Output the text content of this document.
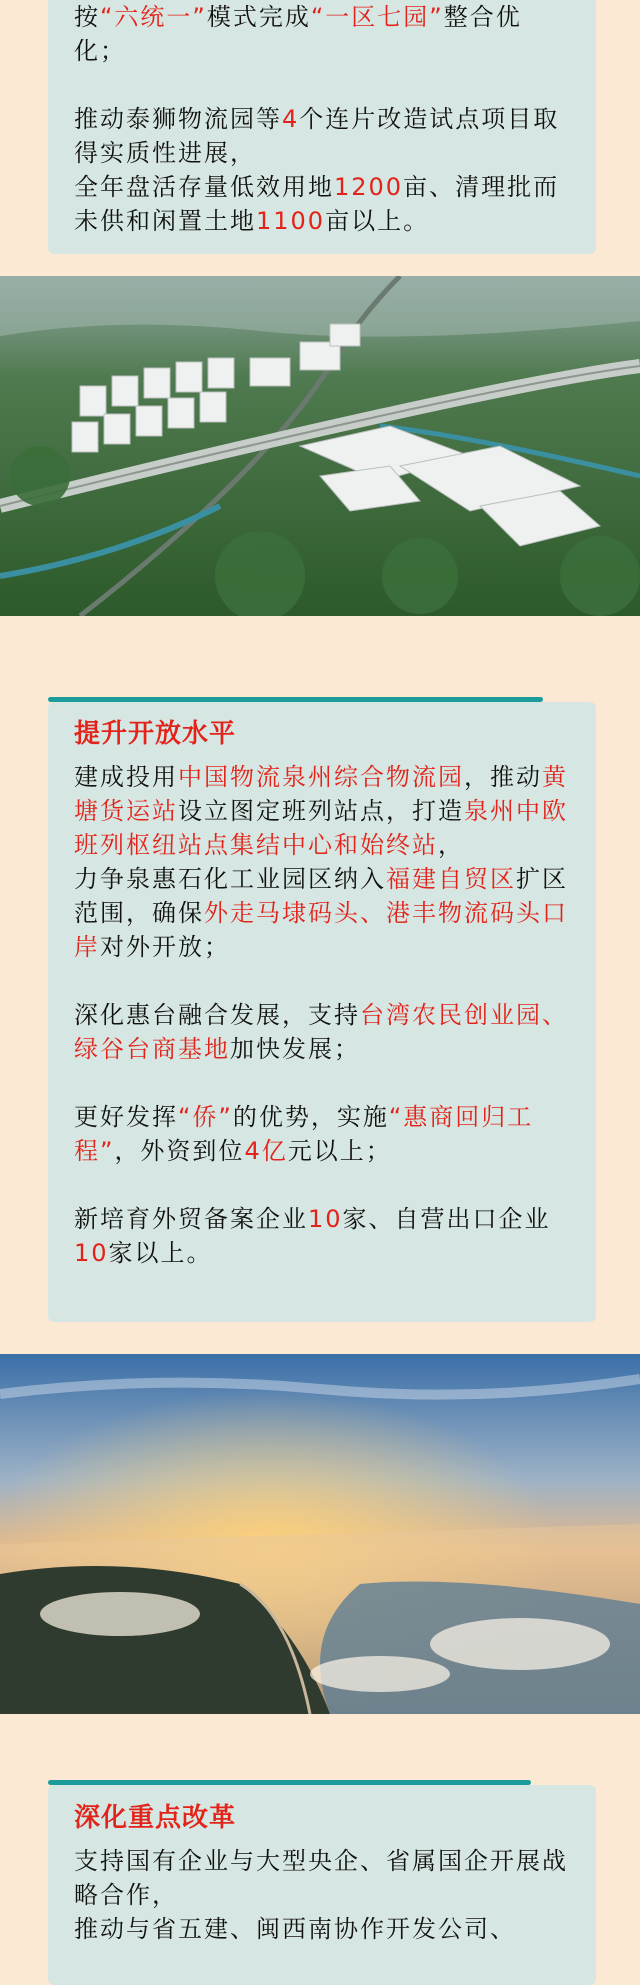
按“六统一”模式完成“一区七园”整合优化；

推动泰狮物流园等4个连片改造试点项目取得实质性进展，
全年盘活存量低效用地1200亩、清理批而未供和闲置土地1100亩以上。

提升开放水平

建成投用中国物流泉州综合物流园，推动黄塘货运站设立图定班列站点，打造泉州中欧班列枢纽站点集结中心和始终站，
力争泉惠石化工业园区纳入福建自贸区扩区范围，确保外走马埭码头、港丰物流码头口岸对外开放；

深化惠台融合发展，支持台湾农民创业园、绿谷台商基地加快发展；

更好发挥“侨”的优势，实施“惠商回归工程”，外资到位4亿元以上；

新培育外贸备案企业10家、自营出口企业10家以上。

深化重点改革

支持国有企业与大型央企、省属国企开展战略合作，
推动与省五建、闽西南协作开发公司、
